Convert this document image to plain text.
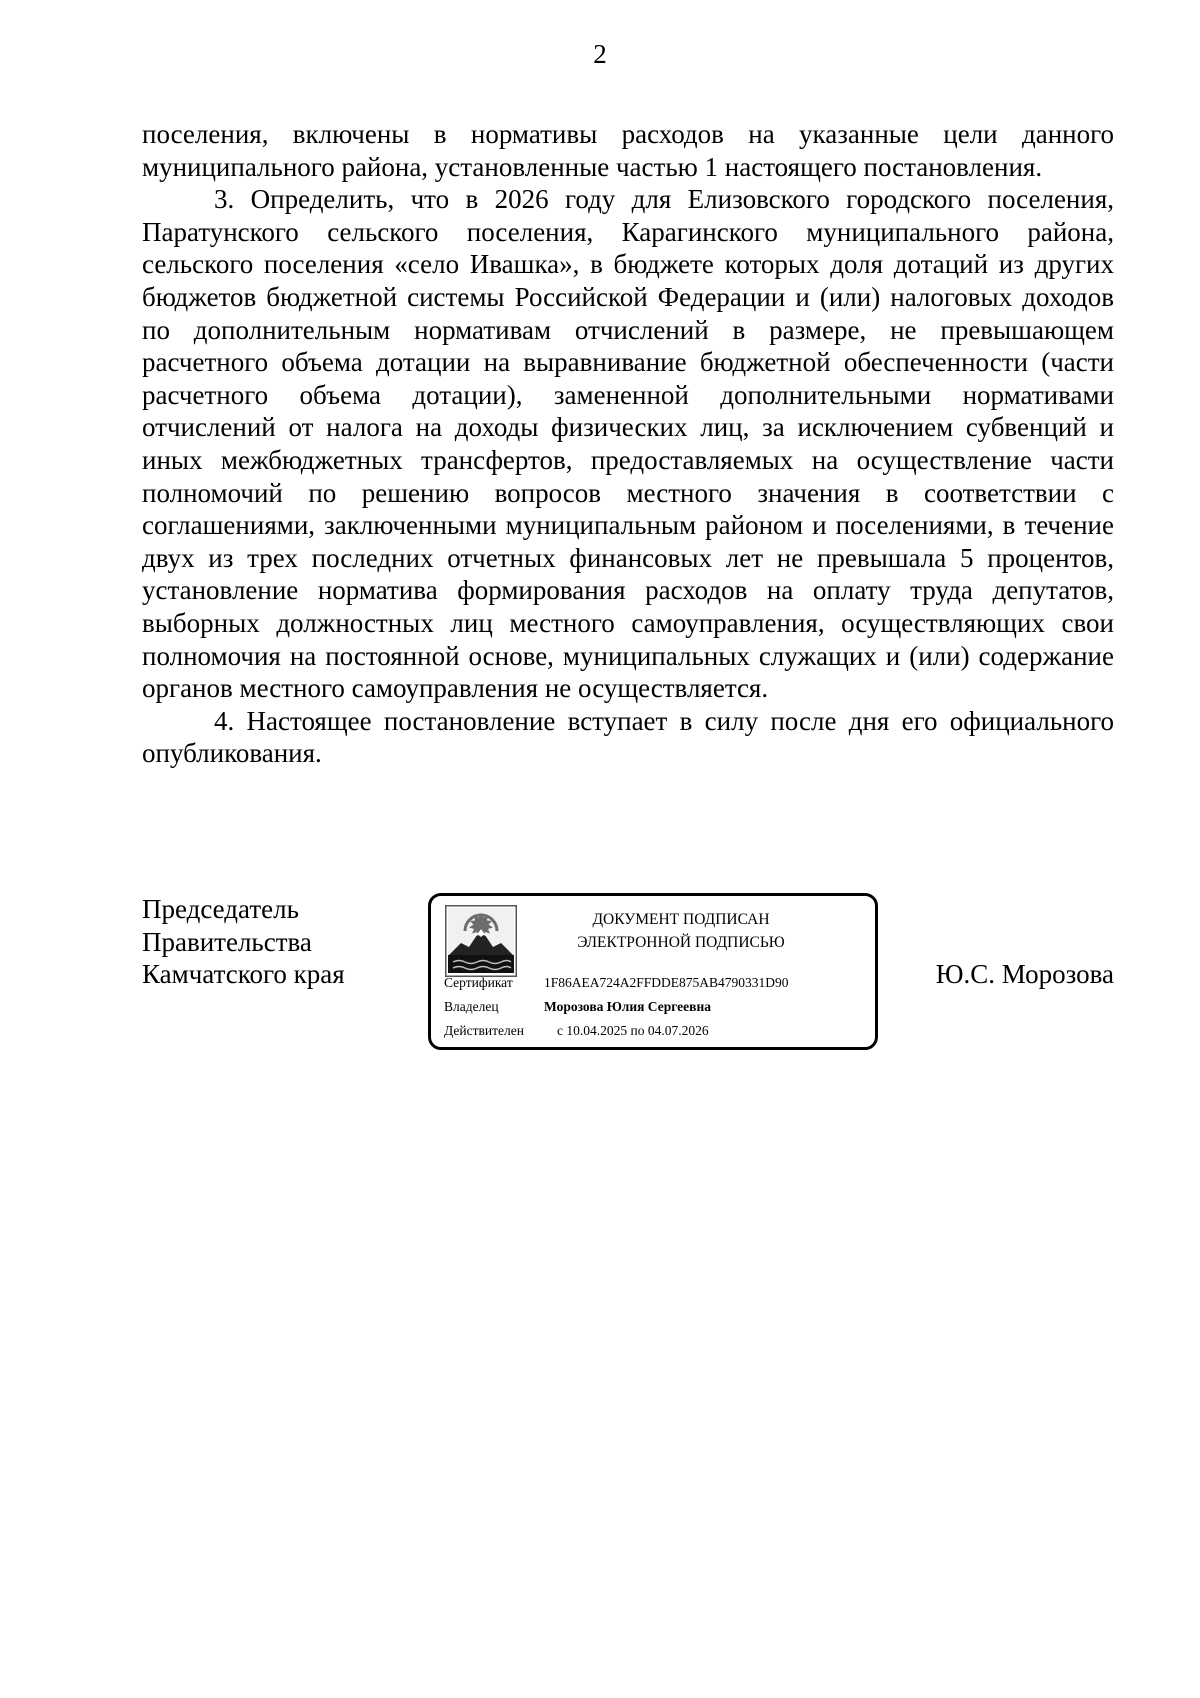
2

поселения, включены в нормативы расходов на указанные цели данного муниципального района, установленные частью 1 настоящего постановления.

3. Определить, что в 2026 году для Елизовского городского поселения, Паратунского сельского поселения, Карагинского муниципального района, сельского поселения «село Ивашка», в бюджете которых доля дотаций из других бюджетов бюджетной системы Российской Федерации и (или) налоговых доходов по дополнительным нормативам отчислений в размере, не превышающем расчетного объема дотации на выравнивание бюджетной обеспеченности (части расчетного объема дотации), замененной дополнительными нормативами отчислений от налога на доходы физических лиц, за исключением субвенций и иных межбюджетных трансфертов, предоставляемых на осуществление части полномочий по решению вопросов местного значения в соответствии с соглашениями, заключенными муниципальным районом и поселениями, в течение двух из трех последних отчетных финансовых лет не превышала 5 процентов, установление норматива формирования расходов на оплату труда депутатов, выборных должностных лиц местного самоуправления, осуществляющих свои полномочия на постоянной основе, муниципальных служащих и (или) содержание органов местного самоуправления не осуществляется.

4. Настоящее постановление вступает в силу после дня его официального опубликования.

Председатель
Правительства
Камчатского края
ДОКУМЕНТ ПОДПИСАН
ЭЛЕКТРОННОЙ ПОДПИСЬЮ
Сертификат 1F86AEA724A2FFDDE875AB4790331D90
Владелец	Морозова Юлия Сергеевна
Действителен с 10.04.2025 по 04.07.2026
Ю.С. Морозова
